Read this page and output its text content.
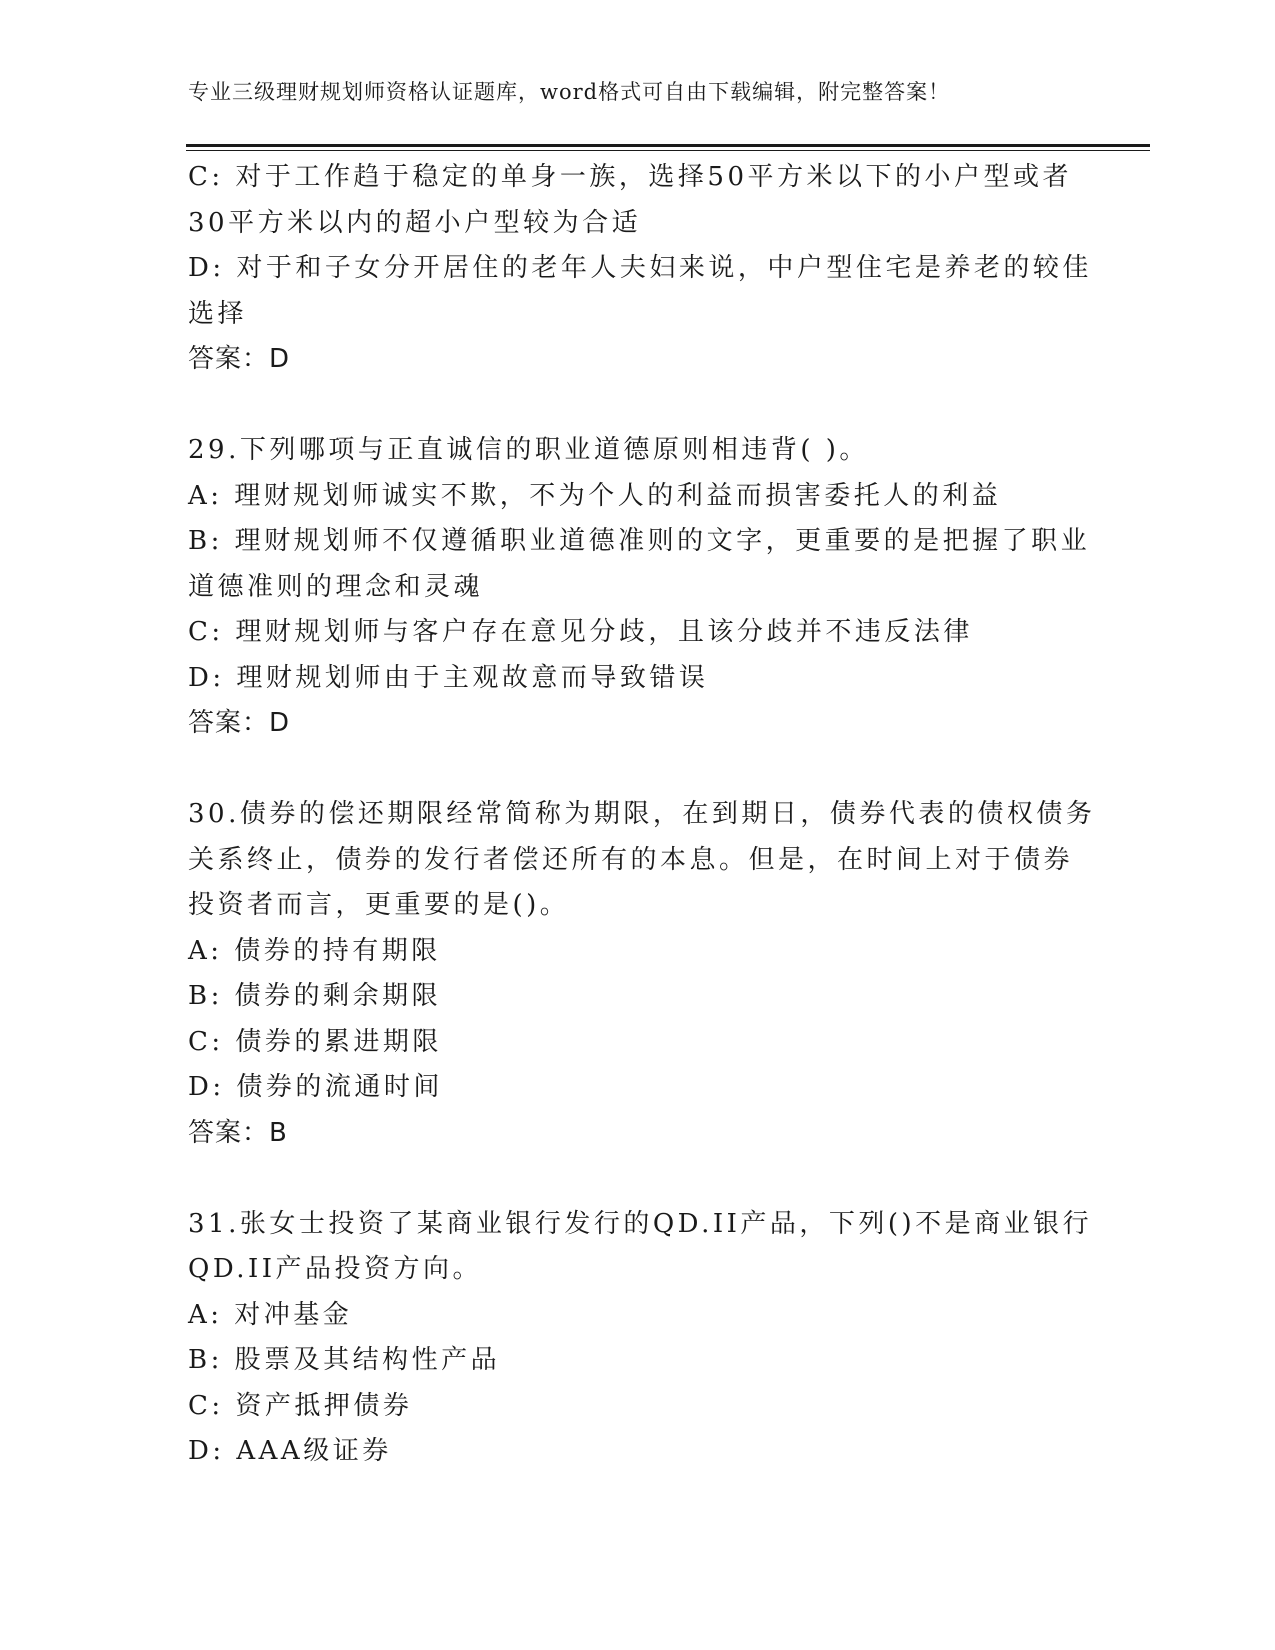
专业三级理财规划师资格认证题库，word格式可自由下载编辑，附完整答案！
C: 对于工作趋于稳定的单身一族，选择50平方米以下的小户型或者
30平方米以内的超小户型较为合适
D: 对于和子女分开居住的老年人夫妇来说，中户型住宅是养老的较佳
选择
答案：D
29.下列哪项与正直诚信的职业道德原则相违背( )。
A: 理财规划师诚实不欺，不为个人的利益而损害委托人的利益
B: 理财规划师不仅遵循职业道德准则的文字，更重要的是把握了职业
道德准则的理念和灵魂
C: 理财规划师与客户存在意见分歧，且该分歧并不违反法律
D: 理财规划师由于主观故意而导致错误
答案：D
30.债券的偿还期限经常简称为期限，在到期日，债券代表的债权债务
关系终止，债券的发行者偿还所有的本息。但是，在时间上对于债券
投资者而言，更重要的是()。
A: 债券的持有期限
B: 债券的剩余期限
C: 债券的累进期限
D: 债券的流通时间
答案：B
31.张女士投资了某商业银行发行的QD.II产品，下列()不是商业银行
QD.II产品投资方向。
A: 对冲基金
B: 股票及其结构性产品
C: 资产抵押债券
D: AAA级证券
